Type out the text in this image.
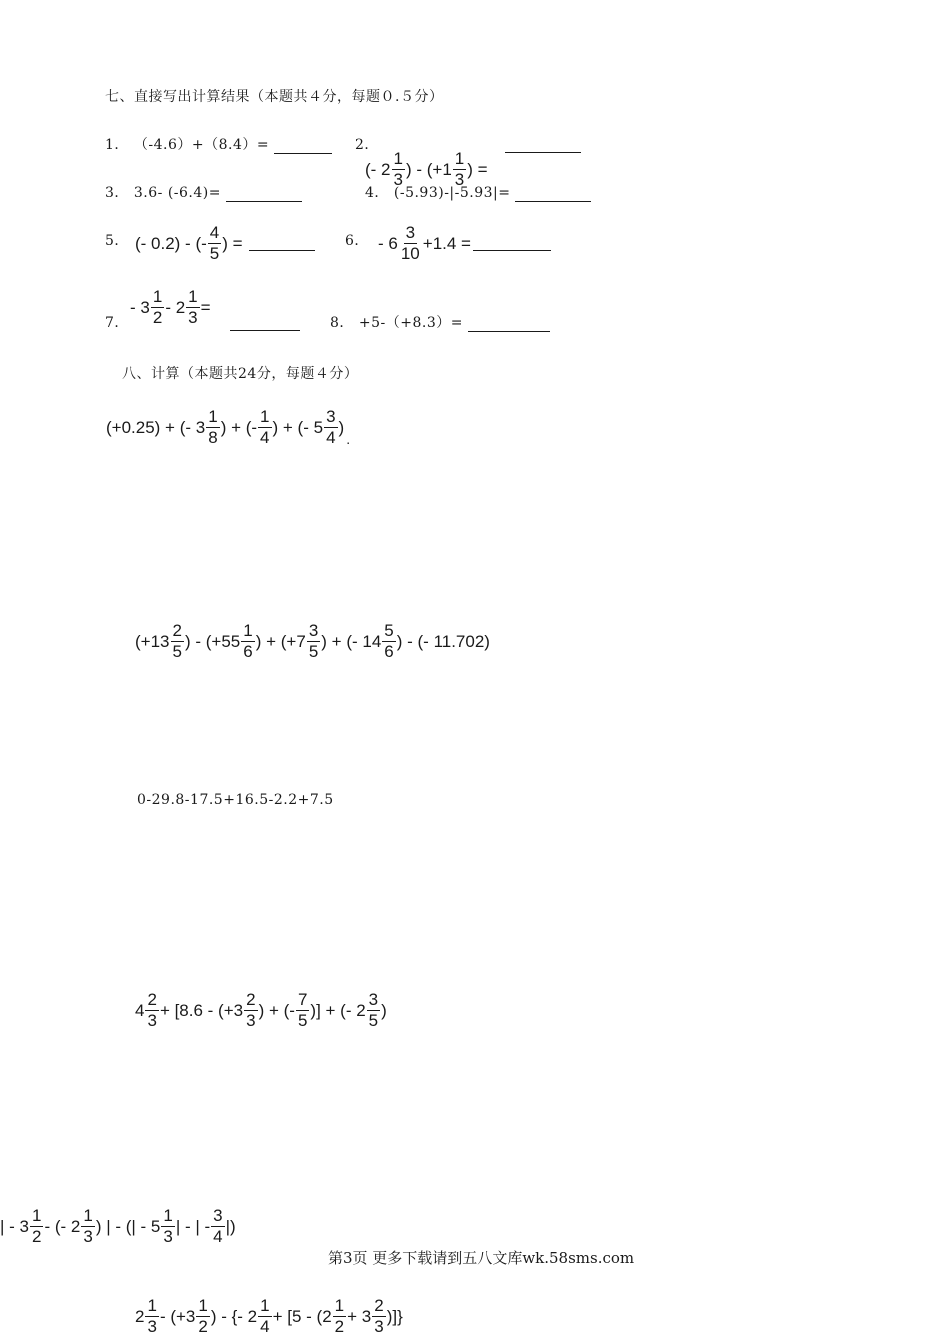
七、直接写出计算结果（本题共４分，每题０.５分）
1． （-4.6）+（8.4）=	2．
(- $2 \frac{1}{3}$ ) - ($+1 \frac{1}{3}$ ) =
3． 3.6- (-6.4)=	4． (-5.93)-|-5.93|=
5． (- 0.2) - (- $\frac{4}{5}$ ) =	6． - $6 \frac{3}{10} +1.4$ =
- $3 \frac{1}{2} - 2 \frac{1}{3}$ =
7．	8． +5-（+8.3）=
八、计算（本题共24分，每题４分）
(+0.25) + (- $3 \frac{1}{8}$ ) + (- $\frac{1}{4}$ ) + (- $5 \frac{3}{4}$ )
.
($+13 \frac{2}{5}$ ) - ($+55 \frac{1}{6}$ ) + ($+7 \frac{3}{5}$ ) + (- $14 \frac{5}{6}$ ) - (- 11.702)
0-29.8-17.5+16.5-2.2+7.5
$4 \frac{2}{3} + [8.6 - (+3 \frac{2}{3}$ ) + (- $\frac{7}{5}$ )] + (- $2 \frac{3}{5}$ )
| - $3 \frac{1}{2}$ - (- $2 \frac{1}{3}$ ) | - (| - $5 \frac{1}{3}$ | - | - $\frac{3}{4}$ |)
第3页 更多下载请到五八文库wk.58sms.com
$2 \frac{1}{3} - (+3 \frac{1}{2}$ ) - {- $2 \frac{1}{4} + [5 - (2 \frac{1}{2} + 3 \frac{2}{3}$ )]}
